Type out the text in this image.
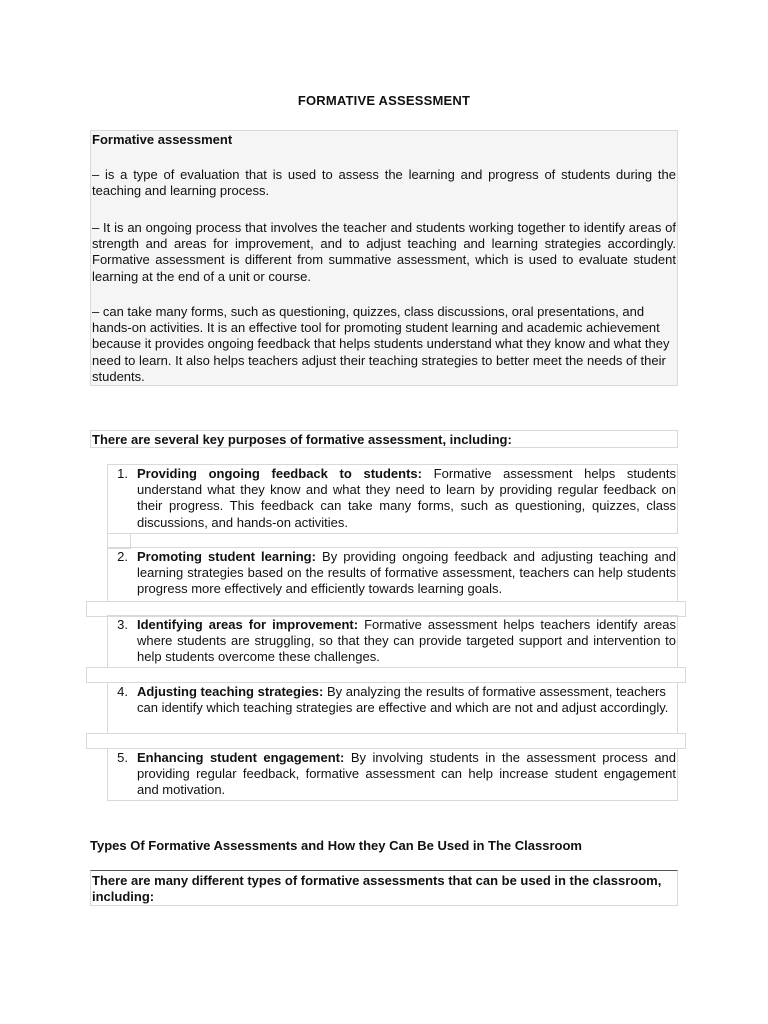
FORMATIVE ASSESSMENT
Formative assessment
– is a type of evaluation that is used to assess the learning and progress of students during the teaching and learning process.
– It is an ongoing process that involves the teacher and students working together to identify areas of strength and areas for improvement, and to adjust teaching and learning strategies accordingly. Formative assessment is different from summative assessment, which is used to evaluate student learning at the end of a unit or course.
– can take many forms, such as questioning, quizzes, class discussions, oral presentations, and hands-on activities. It is an effective tool for promoting student learning and academic achievement because it provides ongoing feedback that helps students understand what they know and what they need to learn. It also helps teachers adjust their teaching strategies to better meet the needs of their students.
There are several key purposes of formative assessment, including:
1. Providing ongoing feedback to students: Formative assessment helps students understand what they know and what they need to learn by providing regular feedback on their progress. This feedback can take many forms, such as questioning, quizzes, class discussions, and hands-on activities.
2. Promoting student learning: By providing ongoing feedback and adjusting teaching and learning strategies based on the results of formative assessment, teachers can help students progress more effectively and efficiently towards learning goals.
3. Identifying areas for improvement: Formative assessment helps teachers identify areas where students are struggling, so that they can provide targeted support and intervention to help students overcome these challenges.
4. Adjusting teaching strategies: By analyzing the results of formative assessment, teachers can identify which teaching strategies are effective and which are not and adjust accordingly.
5. Enhancing student engagement: By involving students in the assessment process and providing regular feedback, formative assessment can help increase student engagement and motivation.
Types Of Formative Assessments and How they Can Be Used in The Classroom
There are many different types of formative assessments that can be used in the classroom, including:
